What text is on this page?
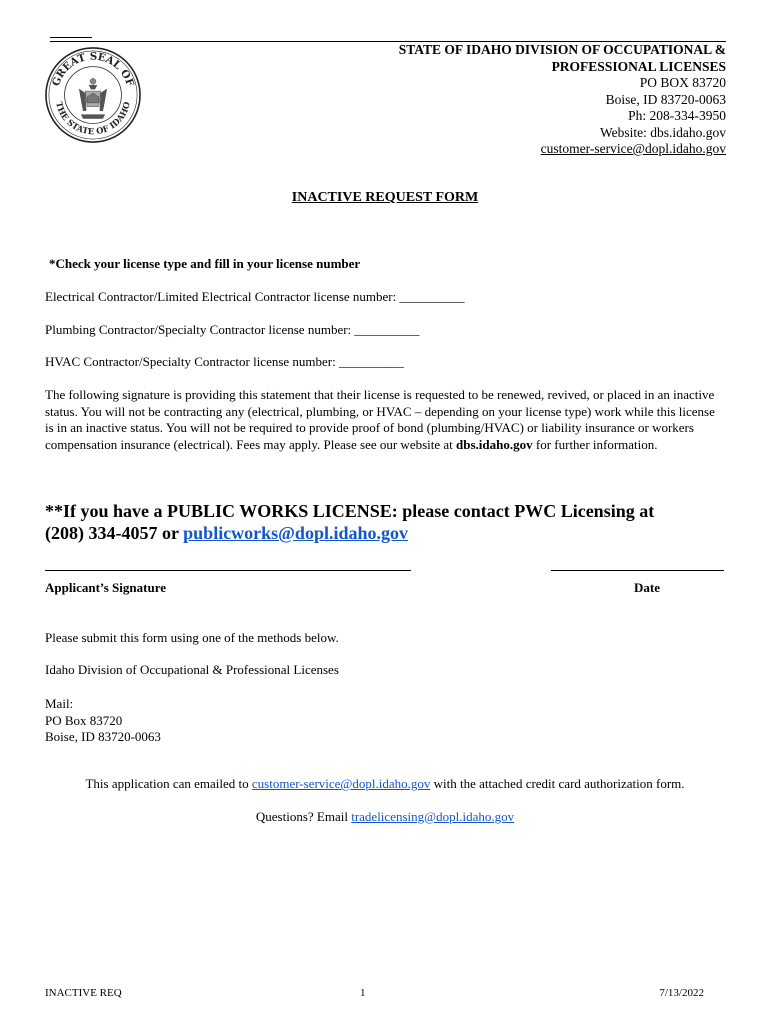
GREAT SEAL OF
THE STATE OF IDAHO
STATE OF IDAHO DIVISION OF OCCUPATIONAL &
PROFESSIONAL LICENSES
PO BOX 83720
Boise, ID 83720-0063
Ph: 208-334-3950
Website: dbs.idaho.gov
customer-service@dopl.idaho.gov
INACTIVE REQUEST FORM
*Check your license type and fill in your license number
Electrical Contractor/Limited Electrical Contractor license number: __________
Plumbing Contractor/Specialty Contractor license number: __________
HVAC Contractor/Specialty Contractor license number: __________
The following signature is providing this statement that their license is requested to be renewed, revived, or placed in an inactive status. You will not be contracting any (electrical, plumbing, or HVAC – depending on your license type) work while this license is in an inactive status. You will not be required to provide proof of bond (plumbing/HVAC) or liability insurance or workers compensation insurance (electrical). Fees may apply. Please see our website at dbs.idaho.gov for further information.
**If you have a PUBLIC WORKS LICENSE: please contact PWC Licensing at
(208) 334-4057 or publicworks@dopl.idaho.gov
Applicant’s Signature	Date
Please submit this form using one of the methods below.
Idaho Division of Occupational & Professional Licenses
Mail:
PO Box 83720
Boise, ID 83720-0063
This application can emailed to customer-service@dopl.idaho.gov with the attached credit card authorization form.
Questions? Email tradelicensing@dopl.idaho.gov
INACTIVE REQ	1	7/13/2022
